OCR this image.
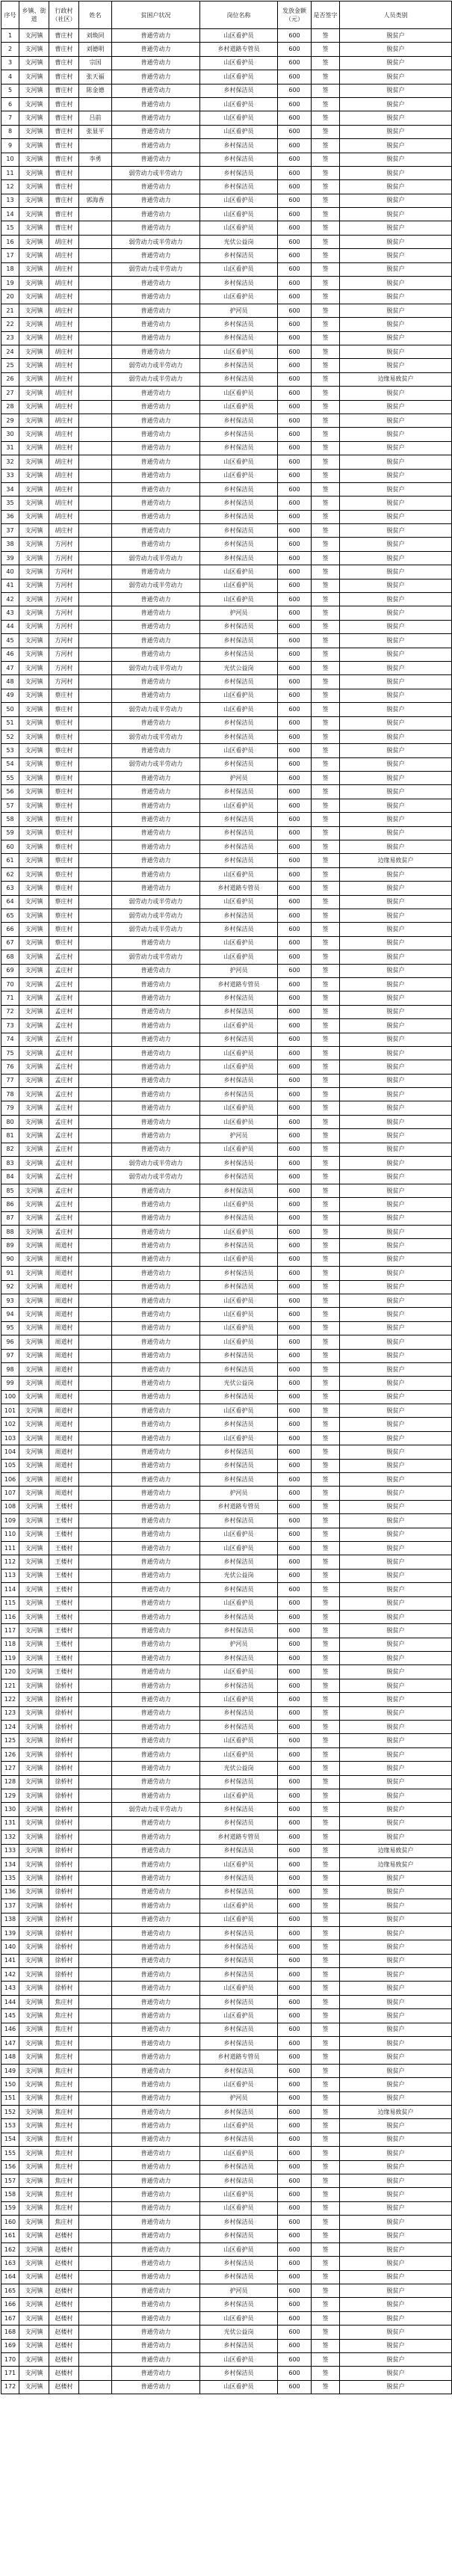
序号	乡镇、街道	行政村（社区）	姓名	贫困户状况	岗位名称	发放金额（元）	是否签字	人员类别
1	支河镇	曹庄村	刘焕同	普通劳动力	山区看护员	600	签	脱贫户
2	支河镇	曹庄村	刘德明	普通劳动力	乡村道路专管员	600	签	脱贫户
3	支河镇	曹庄村	宗国	普通劳动力	山区看护员	600	签	脱贫户
4	支河镇	曹庄村	张天福	普通劳动力	山区看护员	600	签	脱贫户
5	支河镇	曹庄村	陈金德	普通劳动力	乡村保洁员	600	签	脱贫户
6	支河镇	曹庄村		普通劳动力	山区看护员	600	签	脱贫户
7	支河镇	曹庄村	吕前	普通劳动力	山区看护员	600	签	脱贫户
8	支河镇	曹庄村	张显平	普通劳动力	山区看护员	600	签	脱贫户
9	支河镇	曹庄村		普通劳动力	乡村保洁员	600	签	脱贫户
10	支河镇	曹庄村	李勇	普通劳动力	乡村保洁员	600	签	脱贫户
11	支河镇	曹庄村		弱劳动力或半劳动力	乡村保洁员	600	签	脱贫户
12	支河镇	曹庄村		普通劳动力	乡村保洁员	600	签	脱贫户
13	支河镇	曹庄村	郭海香	普通劳动力	山区看护员	600	签	脱贫户
14	支河镇	曹庄村		普通劳动力	山区看护员	600	签	脱贫户
15	支河镇	曹庄村		普通劳动力	山区看护员	600	签	脱贫户
16	支河镇	胡庄村		弱劳动力或半劳动力	光伏公益岗	600	签	脱贫户
17	支河镇	胡庄村		普通劳动力	乡村保洁员	600	签	脱贫户
18	支河镇	胡庄村		弱劳动力或半劳动力	山区看护员	600	签	脱贫户
19	支河镇	胡庄村		普通劳动力	乡村保洁员	600	签	脱贫户
20	支河镇	胡庄村		普通劳动力	山区看护员	600	签	脱贫户
21	支河镇	胡庄村		普通劳动力	护河员	600	签	脱贫户
22	支河镇	胡庄村		普通劳动力	乡村保洁员	600	签	脱贫户
23	支河镇	胡庄村		普通劳动力	乡村保洁员	600	签	脱贫户
24	支河镇	胡庄村		普通劳动力	山区看护员	600	签	脱贫户
25	支河镇	胡庄村		弱劳动力或半劳动力	乡村保洁员	600	签	脱贫户
26	支河镇	胡庄村		弱劳动力或半劳动力	乡村保洁员	600	签	边缘易致贫户
27	支河镇	胡庄村		普通劳动力	山区看护员	600	签	脱贫户
28	支河镇	胡庄村		普通劳动力	山区看护员	600	签	脱贫户
29	支河镇	胡庄村		普通劳动力	乡村保洁员	600	签	脱贫户
30	支河镇	胡庄村		普通劳动力	乡村保洁员	600	签	脱贫户
31	支河镇	胡庄村		普通劳动力	乡村保洁员	600	签	脱贫户
32	支河镇	胡庄村		普通劳动力	山区看护员	600	签	脱贫户
33	支河镇	胡庄村		普通劳动力	山区看护员	600	签	脱贫户
34	支河镇	胡庄村		普通劳动力	乡村保洁员	600	签	脱贫户
35	支河镇	胡庄村		普通劳动力	乡村保洁员	600	签	脱贫户
36	支河镇	胡庄村		普通劳动力	乡村保洁员	600	签	脱贫户
37	支河镇	胡庄村		普通劳动力	乡村保洁员	600	签	脱贫户
38	支河镇	方河村		普通劳动力	乡村保洁员	600	签	脱贫户
39	支河镇	方河村		弱劳动力或半劳动力	乡村保洁员	600	签	脱贫户
40	支河镇	方河村		普通劳动力	山区看护员	600	签	脱贫户
41	支河镇	方河村		弱劳动力或半劳动力	山区看护员	600	签	脱贫户
42	支河镇	方河村		普通劳动力	山区看护员	600	签	脱贫户
43	支河镇	方河村		普通劳动力	护河员	600	签	脱贫户
44	支河镇	方河村		普通劳动力	乡村保洁员	600	签	脱贫户
45	支河镇	方河村		普通劳动力	乡村保洁员	600	签	脱贫户
46	支河镇	方河村		普通劳动力	乡村保洁员	600	签	脱贫户
47	支河镇	方河村		弱劳动力或半劳动力	光伏公益岗	600	签	脱贫户
48	支河镇	方河村		普通劳动力	乡村保洁员	600	签	脱贫户
49	支河镇	蔡庄村		普通劳动力	山区看护员	600	签	脱贫户
50	支河镇	蔡庄村		弱劳动力或半劳动力	山区看护员	600	签	脱贫户
51	支河镇	蔡庄村		普通劳动力	乡村保洁员	600	签	脱贫户
52	支河镇	蔡庄村		弱劳动力或半劳动力	乡村保洁员	600	签	脱贫户
53	支河镇	蔡庄村		普通劳动力	山区看护员	600	签	脱贫户
54	支河镇	蔡庄村		弱劳动力或半劳动力	乡村保洁员	600	签	脱贫户
55	支河镇	蔡庄村		普通劳动力	护河员	600	签	脱贫户
56	支河镇	蔡庄村		普通劳动力	乡村保洁员	600	签	脱贫户
57	支河镇	蔡庄村		普通劳动力	山区看护员	600	签	脱贫户
58	支河镇	蔡庄村		普通劳动力	乡村保洁员	600	签	脱贫户
59	支河镇	蔡庄村		普通劳动力	乡村保洁员	600	签	脱贫户
60	支河镇	蔡庄村		普通劳动力	乡村保洁员	600	签	脱贫户
61	支河镇	蔡庄村		普通劳动力	乡村保洁员	600	签	边缘易致贫户
62	支河镇	蔡庄村		普通劳动力	山区看护员	600	签	脱贫户
63	支河镇	蔡庄村		普通劳动力	乡村道路专管员	600	签	脱贫户
64	支河镇	蔡庄村		弱劳动力或半劳动力	山区看护员	600	签	脱贫户
65	支河镇	蔡庄村		弱劳动力或半劳动力	乡村保洁员	600	签	脱贫户
66	支河镇	蔡庄村		弱劳动力或半劳动力	乡村保洁员	600	签	脱贫户
67	支河镇	蔡庄村		普通劳动力	山区看护员	600	签	脱贫户
68	支河镇	孟庄村		弱劳动力或半劳动力	山区看护员	600	签	脱贫户
69	支河镇	孟庄村		普通劳动力	护河员	600	签	脱贫户
70	支河镇	孟庄村		普通劳动力	乡村道路专管员	600	签	脱贫户
71	支河镇	孟庄村		普通劳动力	乡村保洁员	600	签	脱贫户
72	支河镇	孟庄村		普通劳动力	乡村保洁员	600	签	脱贫户
73	支河镇	孟庄村		普通劳动力	山区看护员	600	签	脱贫户
74	支河镇	孟庄村		普通劳动力	乡村保洁员	600	签	脱贫户
75	支河镇	孟庄村		普通劳动力	山区看护员	600	签	脱贫户
76	支河镇	孟庄村		普通劳动力	山区看护员	600	签	脱贫户
77	支河镇	孟庄村		普通劳动力	乡村保洁员	600	签	脱贫户
78	支河镇	孟庄村		普通劳动力	乡村保洁员	600	签	脱贫户
79	支河镇	孟庄村		普通劳动力	山区看护员	600	签	脱贫户
80	支河镇	孟庄村		普通劳动力	山区看护员	600	签	脱贫户
81	支河镇	孟庄村		普通劳动力	护河员	600	签	脱贫户
82	支河镇	孟庄村		普通劳动力	山区看护员	600	签	脱贫户
83	支河镇	孟庄村		弱劳动力或半劳动力	乡村保洁员	600	签	脱贫户
84	支河镇	孟庄村		弱劳动力或半劳动力	乡村保洁员	600	签	脱贫户
85	支河镇	孟庄村		普通劳动力	乡村保洁员	600	签	脱贫户
86	支河镇	孟庄村		普通劳动力	山区看护员	600	签	脱贫户
87	支河镇	孟庄村		普通劳动力	乡村保洁员	600	签	脱贫户
88	支河镇	孟庄村		普通劳动力	山区看护员	600	签	脱贫户
89	支河镇	周道村		普通劳动力	乡村保洁员	600	签	脱贫户
90	支河镇	周道村		普通劳动力	山区看护员	600	签	脱贫户
91	支河镇	周道村		普通劳动力	乡村保洁员	600	签	脱贫户
92	支河镇	周道村		普通劳动力	乡村保洁员	600	签	脱贫户
93	支河镇	周道村		普通劳动力	山区看护员	600	签	脱贫户
94	支河镇	周道村		普通劳动力	山区看护员	600	签	脱贫户
95	支河镇	周道村		普通劳动力	山区看护员	600	签	脱贫户
96	支河镇	周道村		普通劳动力	山区看护员	600	签	脱贫户
97	支河镇	周道村		普通劳动力	乡村保洁员	600	签	脱贫户
98	支河镇	周道村		普通劳动力	乡村保洁员	600	签	脱贫户
99	支河镇	周道村		普通劳动力	光伏公益岗	600	签	脱贫户
100	支河镇	周道村		普通劳动力	乡村保洁员	600	签	脱贫户
101	支河镇	周道村		普通劳动力	山区看护员	600	签	脱贫户
102	支河镇	周道村		普通劳动力	乡村保洁员	600	签	脱贫户
103	支河镇	周道村		普通劳动力	山区看护员	600	签	脱贫户
104	支河镇	周道村		普通劳动力	乡村保洁员	600	签	脱贫户
105	支河镇	周道村		普通劳动力	乡村保洁员	600	签	脱贫户
106	支河镇	周道村		普通劳动力	乡村保洁员	600	签	脱贫户
107	支河镇	周道村		普通劳动力	护河员	600	签	脱贫户
108	支河镇	王楼村		普通劳动力	乡村道路专管员	600	签	脱贫户
109	支河镇	王楼村		普通劳动力	乡村保洁员	600	签	脱贫户
110	支河镇	王楼村		普通劳动力	山区看护员	600	签	脱贫户
111	支河镇	王楼村		普通劳动力	山区看护员	600	签	脱贫户
112	支河镇	王楼村		普通劳动力	乡村保洁员	600	签	脱贫户
113	支河镇	王楼村		普通劳动力	光伏公益岗	600	签	脱贫户
114	支河镇	王楼村		普通劳动力	乡村保洁员	600	签	脱贫户
115	支河镇	王楼村		普通劳动力	山区看护员	600	签	脱贫户
116	支河镇	王楼村		普通劳动力	乡村保洁员	600	签	脱贫户
117	支河镇	王楼村		普通劳动力	乡村保洁员	600	签	脱贫户
118	支河镇	王楼村		普通劳动力	护河员	600	签	脱贫户
119	支河镇	王楼村		普通劳动力	乡村保洁员	600	签	脱贫户
120	支河镇	王楼村		普通劳动力	山区看护员	600	签	脱贫户
121	支河镇	徐桥村		普通劳动力	乡村保洁员	600	签	脱贫户
122	支河镇	徐桥村		普通劳动力	山区看护员	600	签	脱贫户
123	支河镇	徐桥村		普通劳动力	乡村保洁员	600	签	脱贫户
124	支河镇	徐桥村		普通劳动力	乡村保洁员	600	签	脱贫户
125	支河镇	徐桥村		普通劳动力	山区看护员	600	签	脱贫户
126	支河镇	徐桥村		普通劳动力	山区看护员	600	签	脱贫户
127	支河镇	徐桥村		普通劳动力	光伏公益岗	600	签	脱贫户
128	支河镇	徐桥村		普通劳动力	乡村保洁员	600	签	脱贫户
129	支河镇	徐桥村		普通劳动力	山区看护员	600	签	脱贫户
130	支河镇	徐桥村		弱劳动力或半劳动力	乡村保洁员	600	签	脱贫户
131	支河镇	徐桥村		普通劳动力	乡村保洁员	600	签	脱贫户
132	支河镇	徐桥村		普通劳动力	乡村道路专管员	600	签	脱贫户
133	支河镇	徐桥村		普通劳动力	乡村保洁员	600	签	边缘易致贫户
134	支河镇	徐桥村		普通劳动力	山区看护员	600	签	边缘易致贫户
135	支河镇	徐桥村		普通劳动力	乡村保洁员	600	签	脱贫户
136	支河镇	徐桥村		普通劳动力	乡村保洁员	600	签	脱贫户
137	支河镇	徐桥村		普通劳动力	山区看护员	600	签	脱贫户
138	支河镇	徐桥村		普通劳动力	山区看护员	600	签	脱贫户
139	支河镇	徐桥村		普通劳动力	乡村保洁员	600	签	脱贫户
140	支河镇	徐桥村		普通劳动力	乡村保洁员	600	签	脱贫户
141	支河镇	徐桥村		普通劳动力	乡村保洁员	600	签	脱贫户
142	支河镇	徐桥村		普通劳动力	乡村保洁员	600	签	脱贫户
143	支河镇	徐桥村		普通劳动力	山区看护员	600	签	脱贫户
144	支河镇	焦庄村		普通劳动力	乡村保洁员	600	签	脱贫户
145	支河镇	焦庄村		普通劳动力	山区看护员	600	签	脱贫户
146	支河镇	焦庄村		普通劳动力	乡村保洁员	600	签	脱贫户
147	支河镇	焦庄村		普通劳动力	乡村保洁员	600	签	脱贫户
148	支河镇	焦庄村		普通劳动力	乡村道路专管员	600	签	脱贫户
149	支河镇	焦庄村		普通劳动力	乡村保洁员	600	签	脱贫户
150	支河镇	焦庄村		普通劳动力	山区看护员	600	签	脱贫户
151	支河镇	焦庄村		普通劳动力	护河员	600	签	脱贫户
152	支河镇	焦庄村		普通劳动力	乡村保洁员	600	签	边缘易致贫户
153	支河镇	焦庄村		普通劳动力	山区看护员	600	签	脱贫户
154	支河镇	焦庄村		普通劳动力	乡村保洁员	600	签	脱贫户
155	支河镇	焦庄村		普通劳动力	山区看护员	600	签	脱贫户
156	支河镇	焦庄村		普通劳动力	乡村保洁员	600	签	脱贫户
157	支河镇	焦庄村		普通劳动力	乡村保洁员	600	签	脱贫户
158	支河镇	焦庄村		普通劳动力	山区看护员	600	签	脱贫户
159	支河镇	焦庄村		普通劳动力	山区看护员	600	签	脱贫户
160	支河镇	焦庄村		普通劳动力	乡村保洁员	600	签	脱贫户
161	支河镇	赵楼村		普通劳动力	乡村保洁员	600	签	脱贫户
162	支河镇	赵楼村		普通劳动力	山区看护员	600	签	脱贫户
163	支河镇	赵楼村		普通劳动力	乡村保洁员	600	签	脱贫户
164	支河镇	赵楼村		普通劳动力	乡村保洁员	600	签	脱贫户
165	支河镇	赵楼村		普通劳动力	护河员	600	签	脱贫户
166	支河镇	赵楼村		普通劳动力	乡村保洁员	600	签	脱贫户
167	支河镇	赵楼村		普通劳动力	山区看护员	600	签	脱贫户
168	支河镇	赵楼村		普通劳动力	光伏公益岗	600	签	脱贫户
169	支河镇	赵楼村		普通劳动力	乡村保洁员	600	签	脱贫户
170	支河镇	赵楼村		普通劳动力	山区看护员	600	签	脱贫户
171	支河镇	赵楼村		普通劳动力	乡村保洁员	600	签	脱贫户
172	支河镇	赵楼村		普通劳动力	山区看护员	600	签	脱贫户
